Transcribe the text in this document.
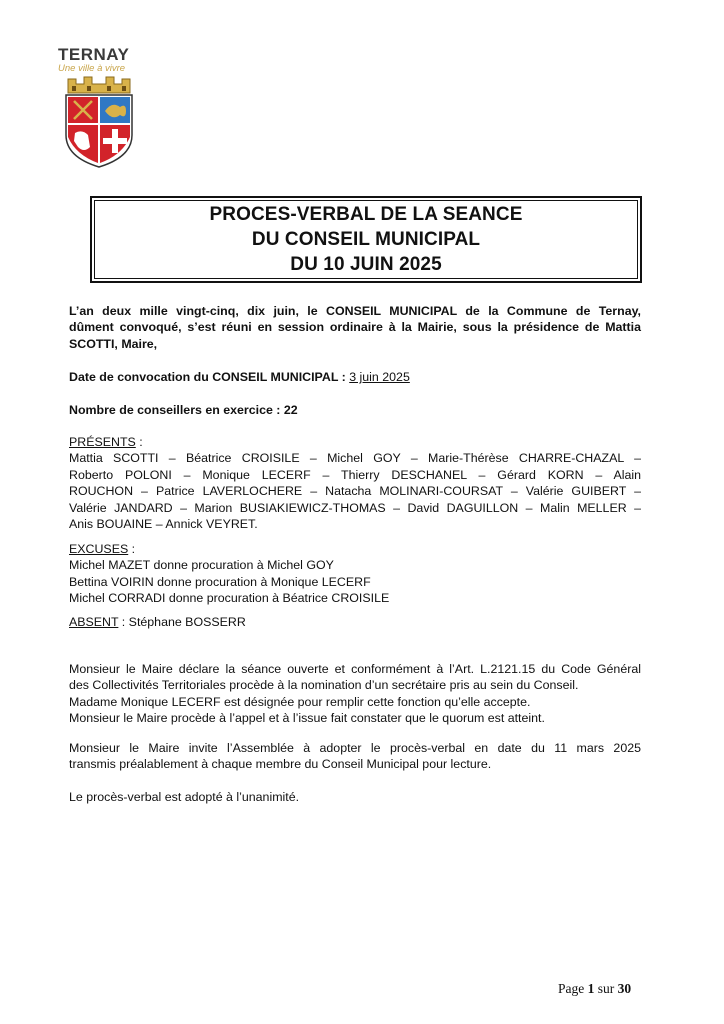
TERNAY
Une ville à vivre
PROCES-VERBAL DE LA SEANCE
DU CONSEIL MUNICIPAL
DU 10 JUIN 2025
L’an deux mille vingt-cinq, dix juin, le CONSEIL MUNICIPAL de la Commune de Ternay,
dûment convoqué, s’est réuni en session ordinaire à la Mairie, sous la présidence de Mattia
SCOTTI, Maire,
Date de convocation du CONSEIL MUNICIPAL : 3 juin 2025
Nombre de conseillers en exercice : 22
PRÉSENTS :
Mattia SCOTTI – Béatrice CROISILE – Michel GOY – Marie-Thérèse CHARRE-CHAZAL –
Roberto POLONI – Monique LECERF – Thierry DESCHANEL – Gérard KORN – Alain
ROUCHON – Patrice LAVERLOCHERE – Natacha MOLINARI-COURSAT – Valérie GUIBERT –
Valérie JANDARD – Marion BUSIAKIEWICZ-THOMAS – David DAGUILLON – Malin MELLER –
Anis BOUAINE – Annick VEYRET.
EXCUSES :
Michel MAZET donne procuration à Michel GOY
Bettina VOIRIN donne procuration à Monique LECERF
Michel CORRADI donne procuration à Béatrice CROISILE
ABSENT : Stéphane BOSSERR
Monsieur le Maire déclare la séance ouverte et conformément à l’Art. L.2121.15 du Code Général
des Collectivités Territoriales procède à la nomination d’un secrétaire pris au sein du Conseil.
Madame Monique LECERF est désignée pour remplir cette fonction qu’elle accepte.
Monsieur le Maire procède à l’appel et à l’issue fait constater que le quorum est atteint.
Monsieur le Maire invite l’Assemblée à adopter le procès-verbal en date du 11 mars 2025
transmis préalablement à chaque membre du Conseil Municipal pour lecture.
Le procès-verbal est adopté à l’unanimité.
Page 1 sur 30
